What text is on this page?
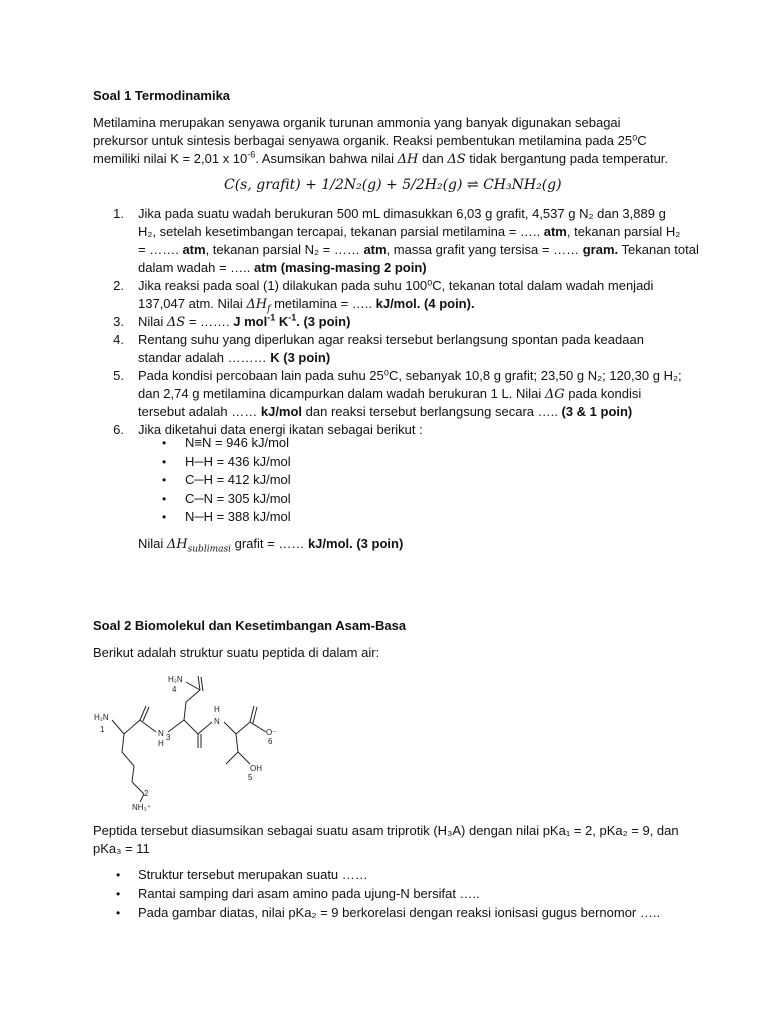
Soal 1 Termodinamika
Metilamina merupakan senyawa organik turunan ammonia yang banyak digunakan sebagai
prekursor untuk sintesis berbagai senyawa organik. Reaksi pembentukan metilamina pada 25⁰C
memiliki nilai K = 2,01 x $10^{-6}$. Asumsikan bahwa nilai ΔH dan ΔS tidak bergantung pada temperatur.
C(s, grafit) + 1/2N₂(g) + 5/2H₂(g) ⇌ CH₃NH₂(g)
1. Jika pada suatu wadah berukuran 500 mL dimasukkan 6,03 g grafit, 4,537 g N₂ dan 3,889 g
H₂, setelah kesetimbangan tercapai, tekanan parsial metilamina = ….. atm, tekanan parsial H₂
= ……. atm, tekanan parsial N₂ = …… atm, massa grafit yang tersisa = …… gram. Tekanan total
dalam wadah = ….. atm (masing-masing 2 poin)
2. Jika reaksi pada soal (1) dilakukan pada suhu 100⁰C, tekanan total dalam wadah menjadi
137,047 atm. Nilai $\Delta H_f$ metilamina = ….. kJ/mol. (4 poin).
3. Nilai ΔS = ……. J mol$^{-1}$ $K^{-1}$. (3 poin)
4. Rentang suhu yang diperlukan agar reaksi tersebut berlangsung spontan pada keadaan
standar adalah ……… K (3 poin)
5. Pada kondisi percobaan lain pada suhu 25⁰C, sebanyak 10,8 g grafit; 23,50 g N₂; 120,30 g H₂;
dan 2,74 g metilamina dicampurkan dalam wadah berukuran 1 L. Nilai ΔG pada kondisi
tersebut adalah …… kJ/mol dan reaksi tersebut berlangsung secara ….. (3 & 1 poin)
6. Jika diketahui data energi ikatan sebagai berikut :
• N≡N = 946 kJ/mol
• H─H = 436 kJ/mol
• C─H = 412 kJ/mol
• C─N = 305 kJ/mol
• N─H = 388 kJ/mol
Nilai $\Delta H_{sublimasi}$ grafit = …… kJ/mol. (3 poin)
Soal 2 Biomolekul dan Kesetimbangan Asam-Basa
Berikut adalah struktur suatu peptida di dalam air:
H₂N
4
H₂N
1	N
H
3
H
N
O⁻
6
OH
5
2
NH₃⁺
Peptida tersebut diasumsikan sebagai suatu asam triprotik (H₃A) dengan nilai pKa₁ = 2, pKa₂ = 9, dan
pKa₃ = 11
• Struktur tersebut merupakan suatu ……
• Rantai samping dari asam amino pada ujung-N bersifat …..
• Pada gambar diatas, nilai pKa₂ = 9 berkorelasi dengan reaksi ionisasi gugus bernomor …..
